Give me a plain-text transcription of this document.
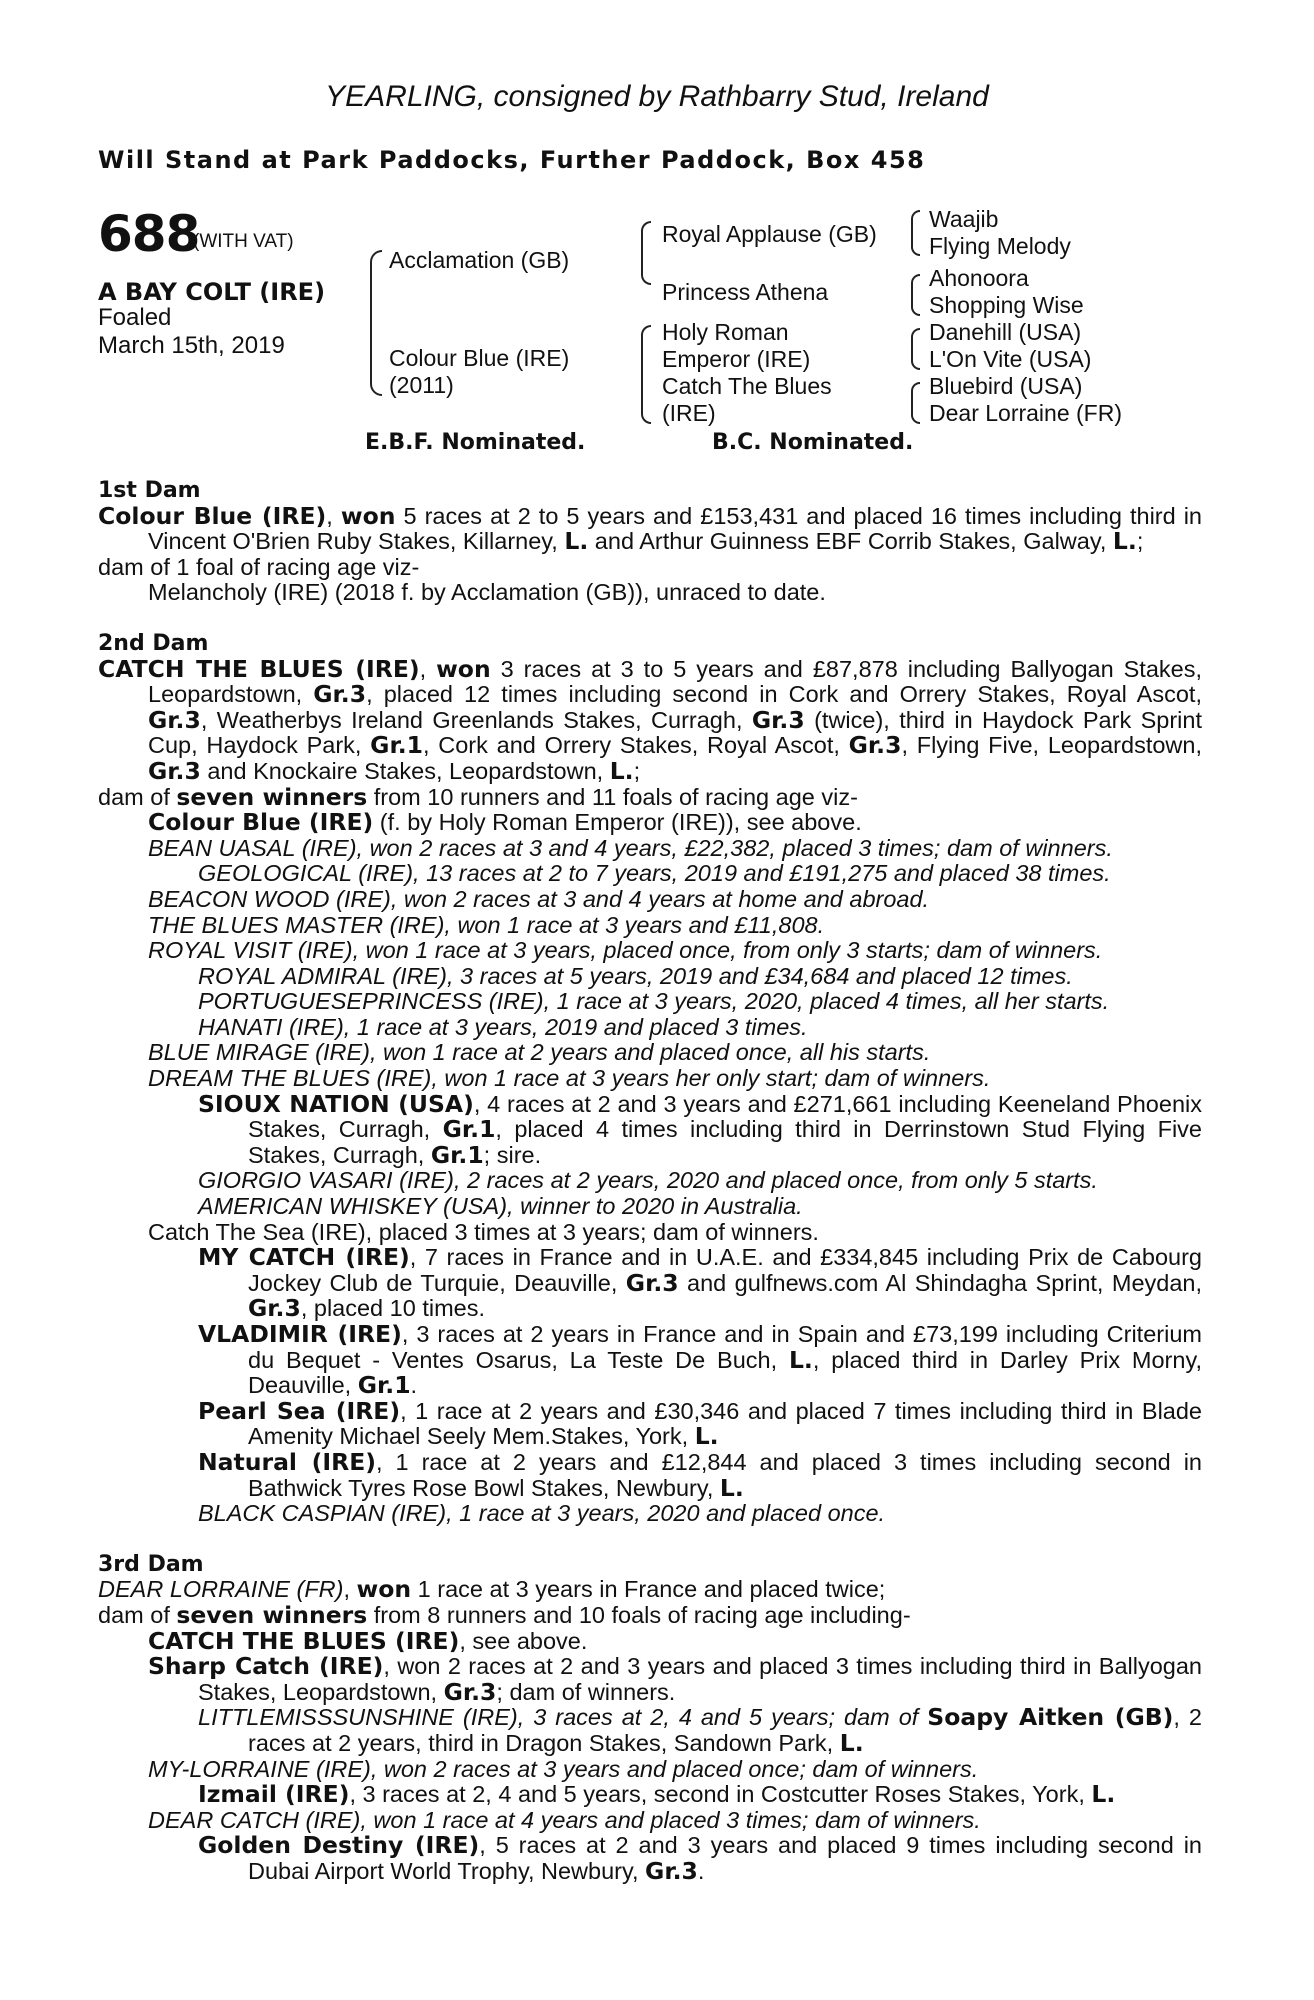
YEARLING, consigned by Rathbarry Stud, Ireland
Will Stand at Park Paddocks, Further Paddock, Box 458
688
(WITH VAT)
A BAY COLT (IRE)
Foaled
March 15th, 2019
Acclamation (GB)
Colour Blue (IRE)
(2011)
Royal Applause (GB)
Princess Athena
Holy Roman
Emperor (IRE)
Catch The Blues
(IRE)
Waajib
Flying Melody
Ahonoora
Shopping Wise
Danehill (USA)
L'On Vite (USA)
Bluebird (USA)
Dear Lorraine (FR)
E.B.F. Nominated.	B.C. Nominated.
1st Dam

Colour Blue (IRE), won 5 races at 2 to 5 years and £153,431 and placed 16 times including third in Vincent O'Brien Ruby Stakes, Killarney, L. and Arthur Guinness EBF Corrib Stakes, Galway, L.;

dam of 1 foal of racing age viz-

Melancholy (IRE) (2018 f. by Acclamation (GB)), unraced to date.

2nd Dam

CATCH THE BLUES (IRE), won 3 races at 3 to 5 years and £87,878 including Ballyogan Stakes, Leopardstown, Gr.3, placed 12 times including second in Cork and Orrery Stakes, Royal Ascot, Gr.3, Weatherbys Ireland Greenlands Stakes, Curragh, Gr.3 (twice), third in Haydock Park Sprint Cup, Haydock Park, Gr.1, Cork and Orrery Stakes, Royal Ascot, Gr.3, Flying Five, Leopardstown, Gr.3 and Knockaire Stakes, Leopardstown, L.;

dam of seven winners from 10 runners and 11 foals of racing age viz-

Colour Blue (IRE) (f. by Holy Roman Emperor (IRE)), see above.

BEAN UASAL (IRE), won 2 races at 3 and 4 years, £22,382, placed 3 times; dam of winners.

GEOLOGICAL (IRE), 13 races at 2 to 7 years, 2019 and £191,275 and placed 38 times.

BEACON WOOD (IRE), won 2 races at 3 and 4 years at home and abroad.

THE BLUES MASTER (IRE), won 1 race at 3 years and £11,808.

ROYAL VISIT (IRE), won 1 race at 3 years, placed once, from only 3 starts; dam of winners.

ROYAL ADMIRAL (IRE), 3 races at 5 years, 2019 and £34,684 and placed 12 times.

PORTUGUESEPRINCESS (IRE), 1 race at 3 years, 2020, placed 4 times, all her starts.

HANATI (IRE), 1 race at 3 years, 2019 and placed 3 times.

BLUE MIRAGE (IRE), won 1 race at 2 years and placed once, all his starts.

DREAM THE BLUES (IRE), won 1 race at 3 years her only start; dam of winners.

SIOUX NATION (USA), 4 races at 2 and 3 years and £271,661 including Keeneland Phoenix Stakes, Curragh, Gr.1, placed 4 times including third in Derrinstown Stud Flying Five Stakes, Curragh, Gr.1; sire.

GIORGIO VASARI (IRE), 2 races at 2 years, 2020 and placed once, from only 5 starts.

AMERICAN WHISKEY (USA), winner to 2020 in Australia.

Catch The Sea (IRE), placed 3 times at 3 years; dam of winners.

MY CATCH (IRE), 7 races in France and in U.A.E. and £334,845 including Prix de Cabourg Jockey Club de Turquie, Deauville, Gr.3 and gulfnews.com Al Shindagha Sprint, Meydan, Gr.3, placed 10 times.

VLADIMIR (IRE), 3 races at 2 years in France and in Spain and £73,199 including Criterium du Bequet - Ventes Osarus, La Teste De Buch, L., placed third in Darley Prix Morny, Deauville, Gr.1.

Pearl Sea (IRE), 1 race at 2 years and £30,346 and placed 7 times including third in Blade Amenity Michael Seely Mem.Stakes, York, L.

Natural (IRE), 1 race at 2 years and £12,844 and placed 3 times including second in Bathwick Tyres Rose Bowl Stakes, Newbury, L.

BLACK CASPIAN (IRE), 1 race at 3 years, 2020 and placed once.

3rd Dam

DEAR LORRAINE (FR), won 1 race at 3 years in France and placed twice;

dam of seven winners from 8 runners and 10 foals of racing age including-

CATCH THE BLUES (IRE), see above.

Sharp Catch (IRE), won 2 races at 2 and 3 years and placed 3 times including third in Ballyogan Stakes, Leopardstown, Gr.3; dam of winners.

LITTLEMISSSUNSHINE (IRE), 3 races at 2, 4 and 5 years; dam of Soapy Aitken (GB), 2 races at 2 years, third in Dragon Stakes, Sandown Park, L.

MY-LORRAINE (IRE), won 2 races at 3 years and placed once; dam of winners.

Izmail (IRE), 3 races at 2, 4 and 5 years, second in Costcutter Roses Stakes, York, L.

DEAR CATCH (IRE), won 1 race at 4 years and placed 3 times; dam of winners.

Golden Destiny (IRE), 5 races at 2 and 3 years and placed 9 times including second in Dubai Airport World Trophy, Newbury, Gr.3.
